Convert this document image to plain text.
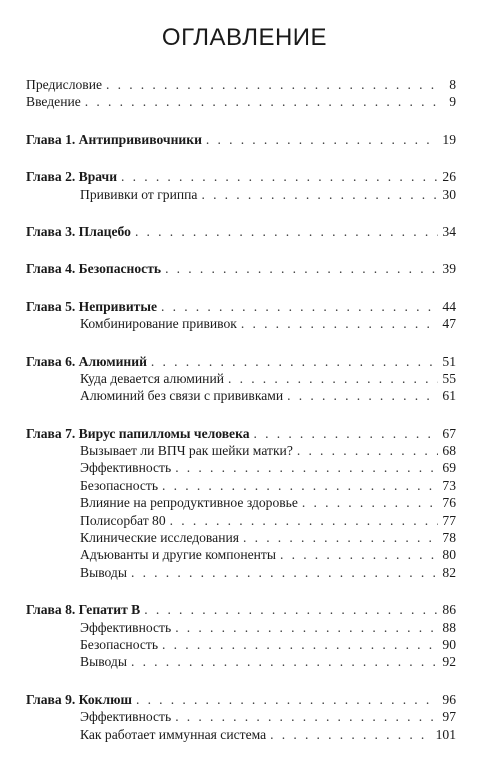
ОГЛАВЛЕНИЕ
Предисловие . . .	8
Введение . . .	9
Глава 1. Антипрививочники . . .	19
Глава 2. Врачи . . .	26
Прививки от гриппа . . .	30
Глава 3. Плацебо . . .	34
Глава 4. Безопасность . . .	39
Глава 5. Непривитые . . .	44
Комбинирование прививок . . .	47
Глава 6. Алюминий . . .	51
Куда девается алюминий . . .	55
Алюминий без связи с прививками . . .	61
Глава 7. Вирус папилломы человека . . .	67
Вызывает ли ВПЧ рак шейки матки? . . .	68
Эффективность . . .	69
Безопасность . . .	73
Влияние на репродуктивное здоровье . . .	76
Полисорбат 80 . . .	77
Клинические исследования . . .	78
Адъюванты и другие компоненты . . .	80
Выводы . . .	82
Глава 8. Гепатит В . . .	86
Эффективность . . .	88
Безопасность . . .	90
Выводы . . .	92
Глава 9. Коклюш . . .	96
Эффективность . . .	97
Как работает иммунная система . . .	101
